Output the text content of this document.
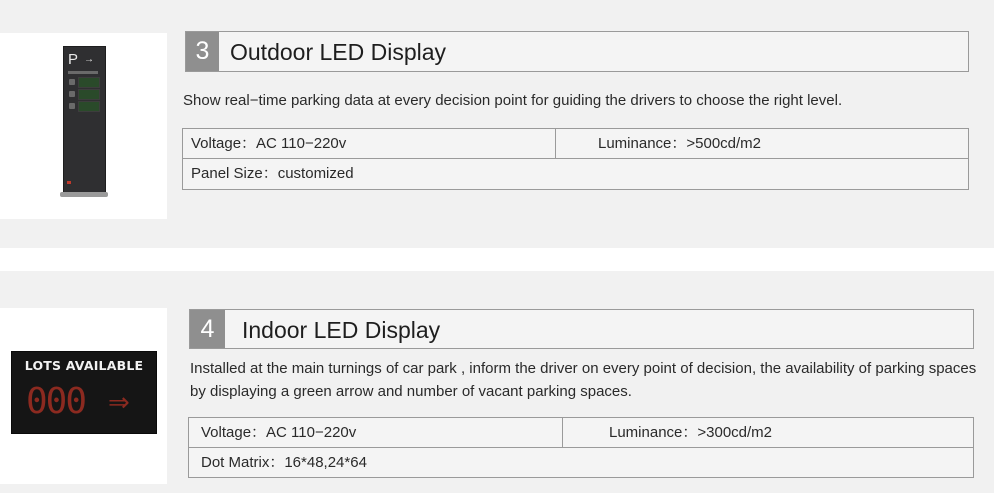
P →	3 Outdoor LED Display
Show real−time parking data at every decision point for guiding the drivers to choose the right level.
Voltage：AC 110−220v	Luminance：>500cd/m2
Panel Size：customized
LOTS AVAILABLE
000 ⇒
4	Indoor LED Display
Installed at the main turnings of car park , inform the driver on every point of decision, the availability of parking spaces by displaying a green arrow and number of vacant parking spaces.
Voltage：AC 110−220v	Luminance：>300cd/m2
Dot Matrix：16*48,24*64
